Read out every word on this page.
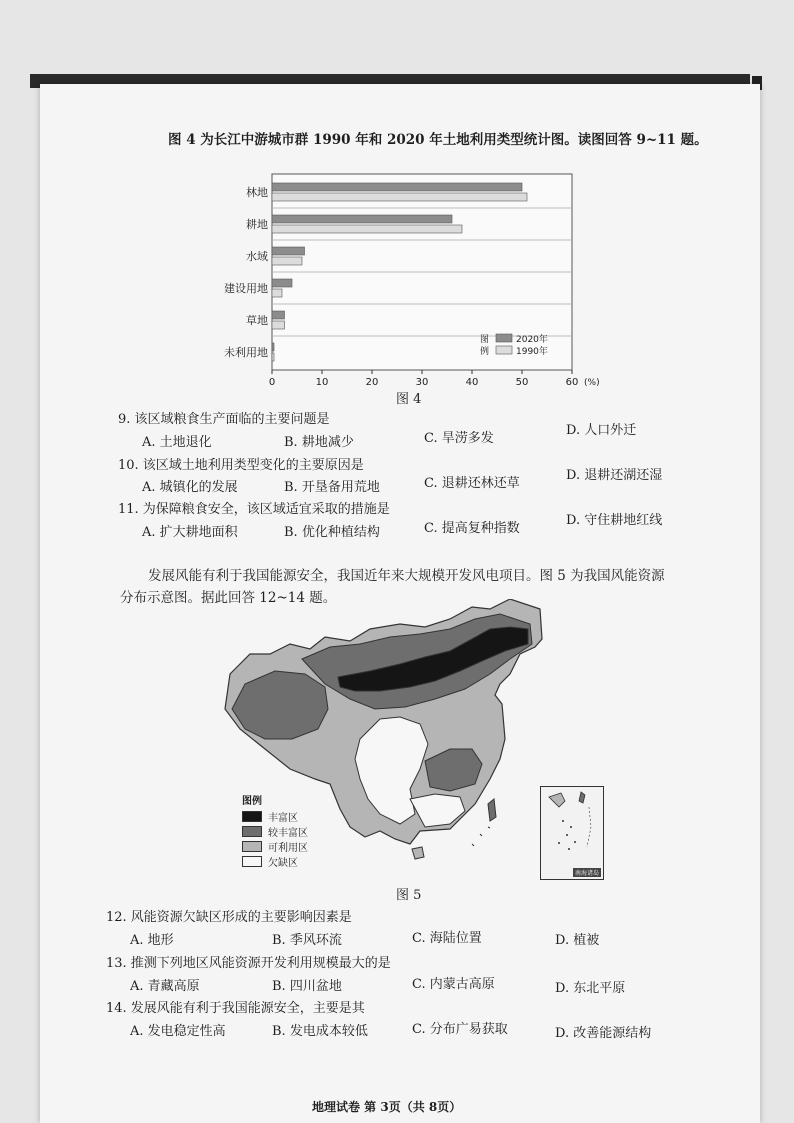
图 4 为长江中游城市群 1990 年和 2020 年土地利用类型统计图。读图回答 9~11 题。
林地
耕地
水域
建设用地
草地
未利用地
0	10	20	30	40	50	60 (%)
图
例
2020年
1990年
图 4
9. 该区域粮食生产面临的主要问题是
A. 土地退化	B. 耕地减少	C. 旱涝多发
D. 人口外迁
10. 该区域土地利用类型变化的主要原因是
A. 城镇化的发展	B. 开垦备用荒地	C. 退耕还林还草
D. 退耕还湖还湿
11. 为保障粮食安全，该区域适宜采取的措施是
A. 扩大耕地面积	B. 优化种植结构	C. 提高复种指数
D. 守住耕地红线
发展风能有利于我国能源安全，我国近年来大规模开发风电项目。图 5 为我国风能资源
分布示意图。据此回答 12~14 题。
图例
丰富区
较丰富区
可利用区
欠缺区
南海诸岛
图 5
12. 风能资源欠缺区形成的主要影响因素是
A. 地形	B. 季风环流	C. 海陆位置	D. 植被
13. 推测下列地区风能资源开发利用规模最大的是
A. 青藏高原	B. 四川盆地	C. 内蒙古高原	D. 东北平原
14. 发展风能有利于我国能源安全，主要是其
A. 发电稳定性高	B. 发电成本较低	C. 分布广易获取	D. 改善能源结构
地理试卷 第 3页（共 8页）
